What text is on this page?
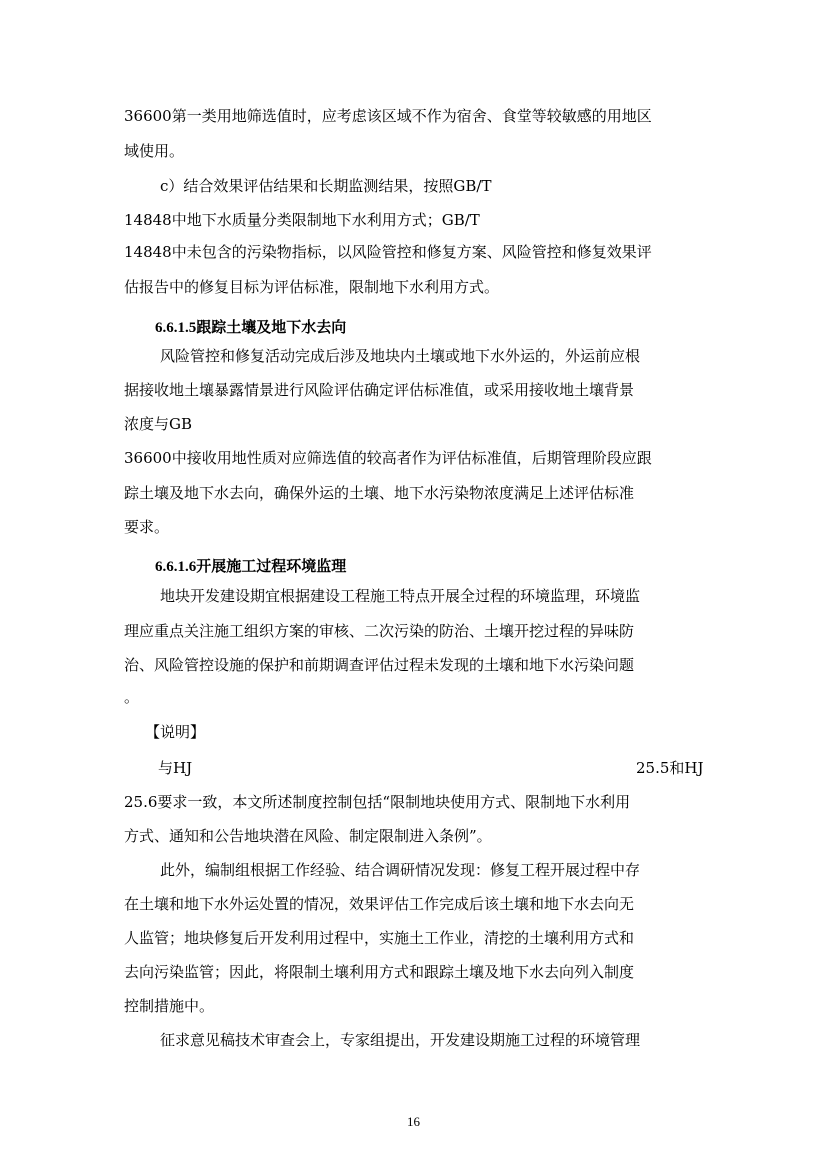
36600第一类用地筛选值时，应考虑该区域不作为宿舍、食堂等较敏感的用地区
域使用。
c）结合效果评估结果和长期监测结果，按照GB/T
14848中地下水质量分类限制地下水利用方式；GB/T
14848中未包含的污染物指标，以风险管控和修复方案、风险管控和修复效果评
估报告中的修复目标为评估标准，限制地下水利用方式。
6.6.1.5跟踪土壤及地下水去向
风险管控和修复活动完成后涉及地块内土壤或地下水外运的，外运前应根
据接收地土壤暴露情景进行风险评估确定评估标准值，或采用接收地土壤背景
浓度与GB
36600中接收用地性质对应筛选值的较高者作为评估标准值，后期管理阶段应跟
踪土壤及地下水去向，确保外运的土壤、地下水污染物浓度满足上述评估标准
要求。
6.6.1.6开展施工过程环境监理
地块开发建设期宜根据建设工程施工特点开展全过程的环境监理，环境监
理应重点关注施工组织方案的审核、二次污染的防治、土壤开挖过程的异味防
治、风险管控设施的保护和前期调查评估过程未发现的土壤和地下水污染问题
。
【说明】
与HJ	25.5和HJ
25.6要求一致，本文所述制度控制包括“限制地块使用方式、限制地下水利用
方式、通知和公告地块潜在风险、制定限制进入条例”。
此外，编制组根据工作经验、结合调研情况发现：修复工程开展过程中存
在土壤和地下水外运处置的情况，效果评估工作完成后该土壤和地下水去向无
人监管；地块修复后开发利用过程中，实施土工作业，清挖的土壤利用方式和
去向污染监管；因此，将限制土壤利用方式和跟踪土壤及地下水去向列入制度
控制措施中。
征求意见稿技术审查会上，专家组提出，开发建设期施工过程的环境管理
16
